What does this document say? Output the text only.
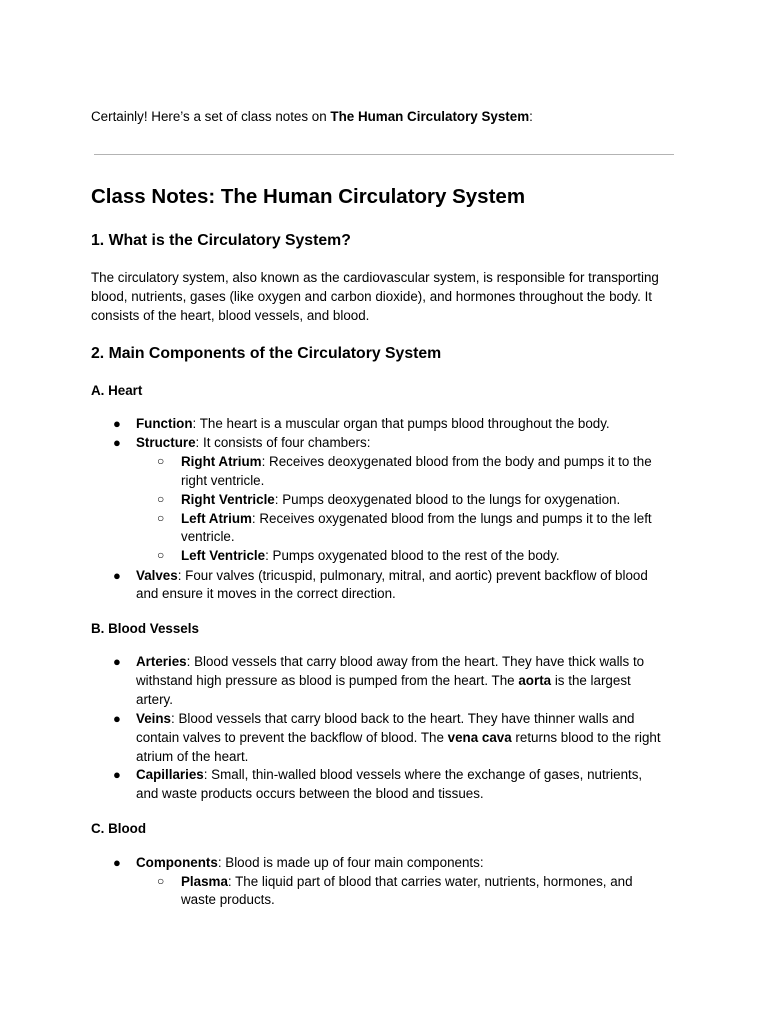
Certainly! Here’s a set of class notes on The Human Circulatory System:
Class Notes: The Human Circulatory System
1. What is the Circulatory System?
The circulatory system, also known as the cardiovascular system, is responsible for transporting
blood, nutrients, gases (like oxygen and carbon dioxide), and hormones throughout the body. It
consists of the heart, blood vessels, and blood.
2. Main Components of the Circulatory System
A. Heart
● Function: The heart is a muscular organ that pumps blood throughout the body.
● Structure: It consists of four chambers:
○ Right Atrium: Receives deoxygenated blood from the body and pumps it to the
right ventricle.
○ Right Ventricle: Pumps deoxygenated blood to the lungs for oxygenation.
○ Left Atrium: Receives oxygenated blood from the lungs and pumps it to the left
ventricle.
○ Left Ventricle: Pumps oxygenated blood to the rest of the body.
● Valves: Four valves (tricuspid, pulmonary, mitral, and aortic) prevent backflow of blood
and ensure it moves in the correct direction.
B. Blood Vessels
● Arteries: Blood vessels that carry blood away from the heart. They have thick walls to
withstand high pressure as blood is pumped from the heart. The aorta is the largest
artery.
● Veins: Blood vessels that carry blood back to the heart. They have thinner walls and
contain valves to prevent the backflow of blood. The vena cava returns blood to the right
atrium of the heart.
● Capillaries: Small, thin-walled blood vessels where the exchange of gases, nutrients,
and waste products occurs between the blood and tissues.
C. Blood
● Components: Blood is made up of four main components:
○ Plasma: The liquid part of blood that carries water, nutrients, hormones, and
waste products.
